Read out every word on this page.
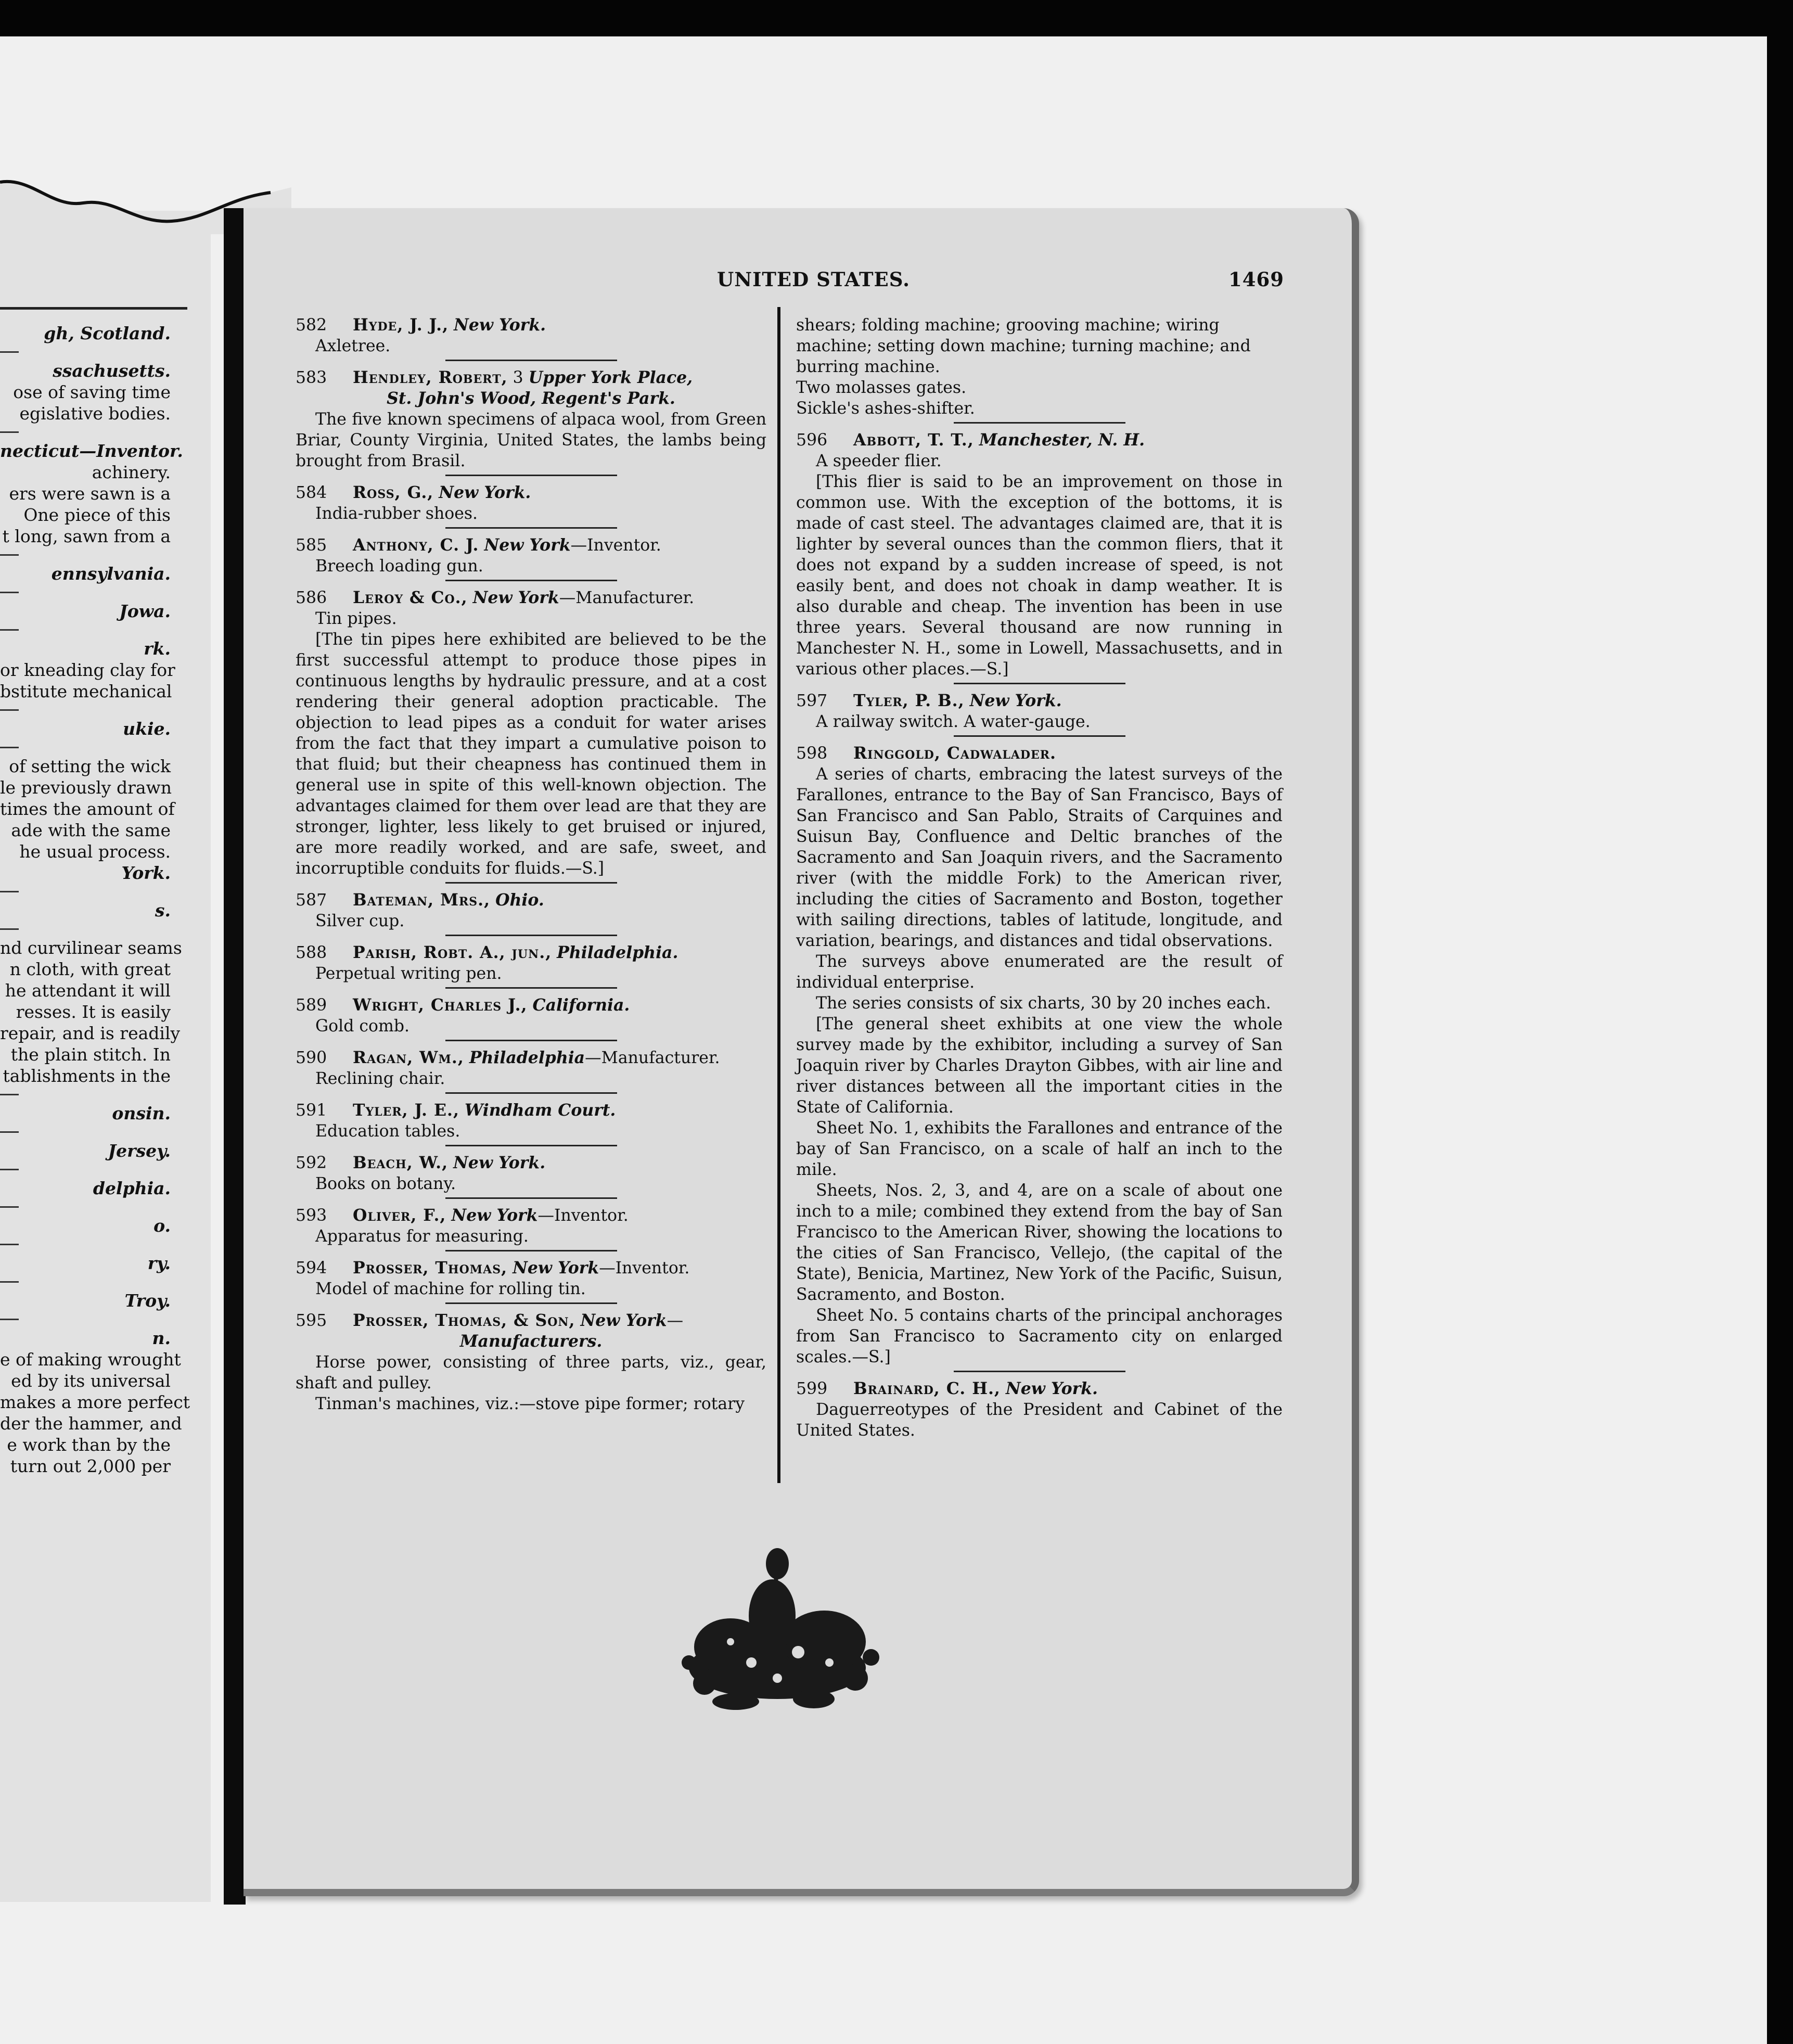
gh, Scotland.
ssachusetts.
ose of saving time
egislative bodies.
necticut—Inventor.
achinery.
ers were sawn is a
One piece of this
t long, sawn from a
ennsylvania.
Jowa.
rk.
or kneading clay for
bstitute mechanical
ukie.
of setting the wick
le previously drawn
times the amount of
ade with the same
he usual process.
York.
s.
nd curvilinear seams
n cloth, with great
he attendant it will
resses. It is easily
repair, and is readily
the plain stitch. In
tablishments in the
onsin.
Jersey.
delphia.
o.
ry.
Troy.
n.
e of making wrought
ed by its universal
makes a more perfect
der the hammer, and
e work than by the
turn out 2,000 per
UNITED STATES.	1469
582 Hyde, J. J., New York.
Axletree.
583 Hendley, Robert, 3 Upper York Place,
St. John's Wood, Regent's Park.
The five known specimens of alpaca wool, from Green Briar, County Virginia, United States, the lambs being brought from Brasil.
584 Ross, G., New York.
India-rubber shoes.
585 Anthony, C. J. New York—Inventor.
Breech loading gun.
586 Leroy & Co., New York—Manufacturer.
Tin pipes.
[The tin pipes here exhibited are believed to be the first successful attempt to produce those pipes in continuous lengths by hydraulic pressure, and at a cost rendering their general adoption practicable. The objection to lead pipes as a conduit for water arises from the fact that they impart a cumulative poison to that fluid; but their cheapness has continued them in general use in spite of this well-known objection. The advantages claimed for them over lead are that they are stronger, lighter, less likely to get bruised or injured, are more readily worked, and are safe, sweet, and incorruptible conduits for fluids.—S.]
587 Bateman, Mrs., Ohio.
Silver cup.
588 Parish, Robt. A., jun., Philadelphia.
Perpetual writing pen.
589 Wright, Charles J., California.
Gold comb.
590 Ragan, Wm., Philadelphia—Manufacturer.
Reclining chair.
591 Tyler, J. E., Windham Court.
Education tables.
592 Beach, W., New York.
Books on botany.
593 Oliver, F., New York—Inventor.
Apparatus for measuring.
594 Prosser, Thomas, New York—Inventor.
Model of machine for rolling tin.
595 Prosser, Thomas, & Son, New York—
Manufacturers.
Horse power, consisting of three parts, viz., gear, shaft and pulley.
Tinman's machines, viz.:—stove pipe former; rotary
shears; folding machine; grooving machine; wiring machine; setting down machine; turning machine; and burring machine.
Two molasses gates.
Sickle's ashes-shifter.
596 Abbott, T. T., Manchester, N. H.
A speeder flier.
[This flier is said to be an improvement on those in common use. With the exception of the bottoms, it is made of cast steel. The advantages claimed are, that it is lighter by several ounces than the common fliers, that it does not expand by a sudden increase of speed, is not easily bent, and does not choak in damp weather. It is also durable and cheap. The invention has been in use three years. Several thousand are now running in Manchester N. H., some in Lowell, Massachusetts, and in various other places.—S.]
597 Tyler, P. B., New York.
A railway switch. A water-gauge.
598 Ringgold, Cadwalader.
A series of charts, embracing the latest surveys of the Farallones, entrance to the Bay of San Francisco, Bays of San Francisco and San Pablo, Straits of Carquines and Suisun Bay, Confluence and Deltic branches of the Sacramento and San Joaquin rivers, and the Sacramento river (with the middle Fork) to the American river, including the cities of Sacramento and Boston, together with sailing directions, tables of latitude, longitude, and variation, bearings, and distances and tidal observations.
The surveys above enumerated are the result of individual enterprise.
The series consists of six charts, 30 by 20 inches each.
[The general sheet exhibits at one view the whole survey made by the exhibitor, including a survey of San Joaquin river by Charles Drayton Gibbes, with air line and river distances between all the important cities in the State of California.
Sheet No. 1, exhibits the Farallones and entrance of the bay of San Francisco, on a scale of half an inch to the mile.
Sheets, Nos. 2, 3, and 4, are on a scale of about one inch to a mile; combined they extend from the bay of San Francisco to the American River, showing the locations to the cities of San Francisco, Vellejo, (the capital of the State), Benicia, Martinez, New York of the Pacific, Suisun, Sacramento, and Boston.
Sheet No. 5 contains charts of the principal anchorages from San Francisco to Sacramento city on enlarged scales.—S.]
599 Brainard, C. H., New York.
Daguerreotypes of the President and Cabinet of the United States.
